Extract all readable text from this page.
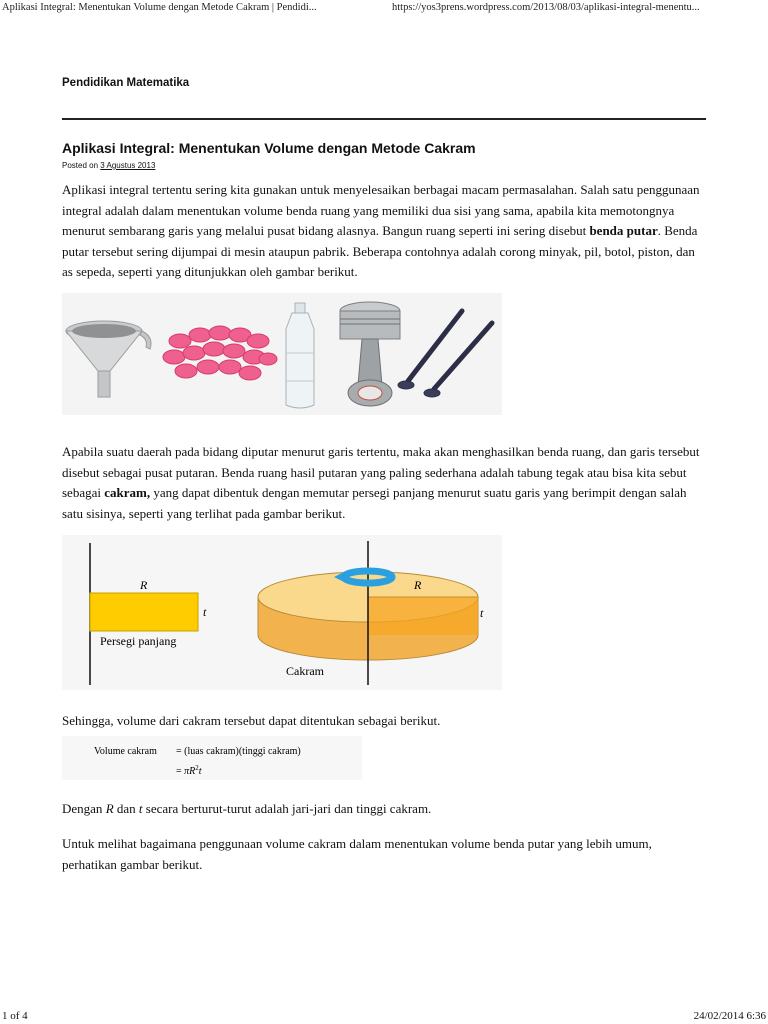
Aplikasi Integral: Menentukan Volume dengan Metode Cakram | Pendidi...	https://yos3prens.wordpress.com/2013/08/03/aplikasi-integral-menentu...
Pendidikan Matematika
Aplikasi Integral: Menentukan Volume dengan Metode Cakram
Posted on 3 Agustus 2013
Aplikasi integral tertentu sering kita gunakan untuk menyelesaikan berbagai macam permasalahan. Salah satu penggunaan integral adalah dalam menentukan volume benda ruang yang memiliki dua sisi yang sama, apabila kita memotongnya menurut sembarang garis yang melalui pusat bidang alasnya. Bangun ruang seperti ini sering disebut benda putar. Benda putar tersebut sering dijumpai di mesin ataupun pabrik. Beberapa contohnya adalah corong minyak, pil, botol, piston, dan as sepeda, seperti yang ditunjukkan oleh gambar berikut.
Apabila suatu daerah pada bidang diputar menurut garis tertentu, maka akan menghasilkan benda ruang, dan garis tersebut disebut sebagai pusat putaran. Benda ruang hasil putaran yang paling sederhana adalah tabung tegak atau bisa kita sebut sebagai cakram, yang dapat dibentuk dengan memutar persegi panjang menurut suatu garis yang berimpit dengan salah satu sisinya, seperti yang terlihat pada gambar berikut.
R
t
Persegi panjang
R
t
Cakram
Sehingga, volume dari cakram tersebut dapat ditentukan sebagai berikut.
Volume cakram = (luas cakram)(tinggi cakram)
= $\pi R^2t$
Dengan R dan t secara berturut-turut adalah jari-jari dan tinggi cakram.
Untuk melihat bagaimana penggunaan volume cakram dalam menentukan volume benda putar yang lebih umum, perhatikan gambar berikut.
1 of 4	24/02/2014 6:36
